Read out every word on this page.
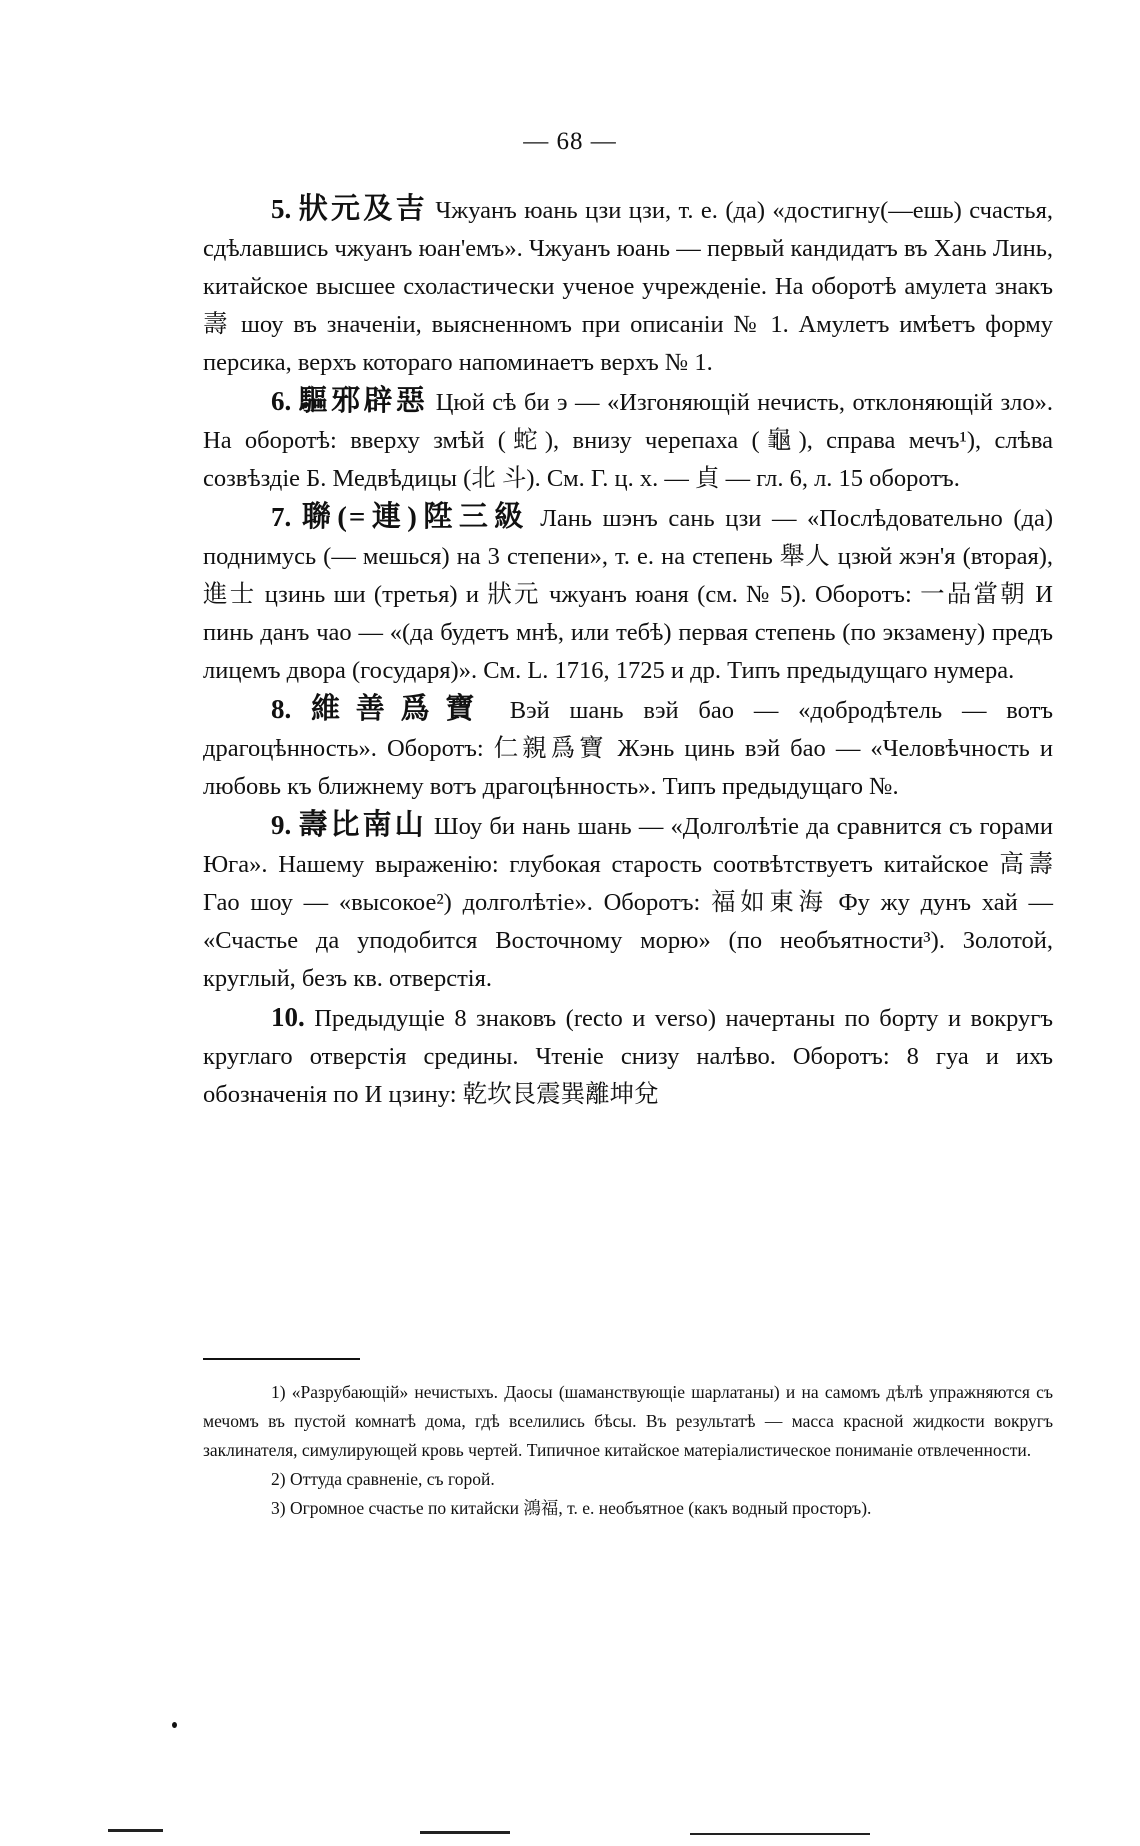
— 68 —

5. 狀元及吉 Чжуанъ юань цзи цзи, т. е. (да) «достигну(—ешь) счастья, сдѣлавшись чжуанъ юан'емъ». Чжуанъ юань — первый кандидатъ въ Хань Линь, китайское высшее схоластически ученое учрежденіе. На оборотѣ амулета знакъ 壽 шоу въ значеніи, выясненномъ при описаніи № 1. Амулетъ имѣетъ форму персика, верхъ котораго напоминаетъ верхъ № 1.

6. 驅邪辟惡 Цюй сѣ би э — «Изгоняющій нечисть, отклоняющій зло». На оборотѣ: вверху змѣй (蛇), внизу черепаха (龜), справа мечъ¹), слѣва созвѣздіе Б. Медвѣдицы (北 斗). См. Г. ц. х. — 貞 — гл. 6, л. 15 оборотъ.

7. 聯(=連)陞三級 Лань шэнъ сань цзи — «Послѣдовательно (да) поднимусь (— мешься) на 3 степени», т. е. на степень 舉人 цзюй жэн'я (вторая), 進士 цзинь ши (третья) и 狀元 чжуанъ юаня (см. № 5). Оборотъ: 一品當朝 И пинь данъ чао — «(да будетъ мнѣ, или тебѣ) первая степень (по экзамену) предъ лицемъ двора (государя)». См. L. 1716, 1725 и др. Типъ предыдущаго нумера.

8. 維善爲寶 Вэй шань вэй бао — «добродѣтель — вотъ драгоцѣнность». Оборотъ: 仁親爲寶 Жэнь цинь вэй бао — «Человѣчность и любовь къ ближнему вотъ драгоцѣнность». Типъ предыдущаго №.

9. 壽比南山 Шоу би нань шань — «Долголѣтіе да сравнится съ горами Юга». Нашему выраженію: глубокая старость соотвѣтствуетъ китайское 高壽 Гао шоу — «высокое²) долголѣтіе». Оборотъ: 福如東海 Фу жу дунъ хай — «Счастье да уподобится Восточному морю» (по необъятности³). Золотой, круглый, безъ кв. отверстія.

10. Предыдущіе 8 знаковъ (recto и verso) начертаны по борту и вокругъ круглаго отверстія средины. Чтеніе снизу налѣво. Оборотъ: 8 гуа и ихъ обозначенія по И цзину: 乾坎艮震巽離坤兌

1) «Разрубающій» нечистыхъ. Даосы (шаманствующіе шарлатаны) и на самомъ дѣлѣ упражняются съ мечомъ въ пустой комнатѣ дома, гдѣ вселились бѣсы. Въ результатѣ — масса красной жидкости вокругъ заклинателя, симулирующей кровь чертей. Типичное китайское матеріалистическое пониманіе отвлеченности.

2) Оттуда сравненіе, съ горой.

3) Огромное счастье по китайски 鴻福, т. е. необъятное (какъ водный просторъ).
